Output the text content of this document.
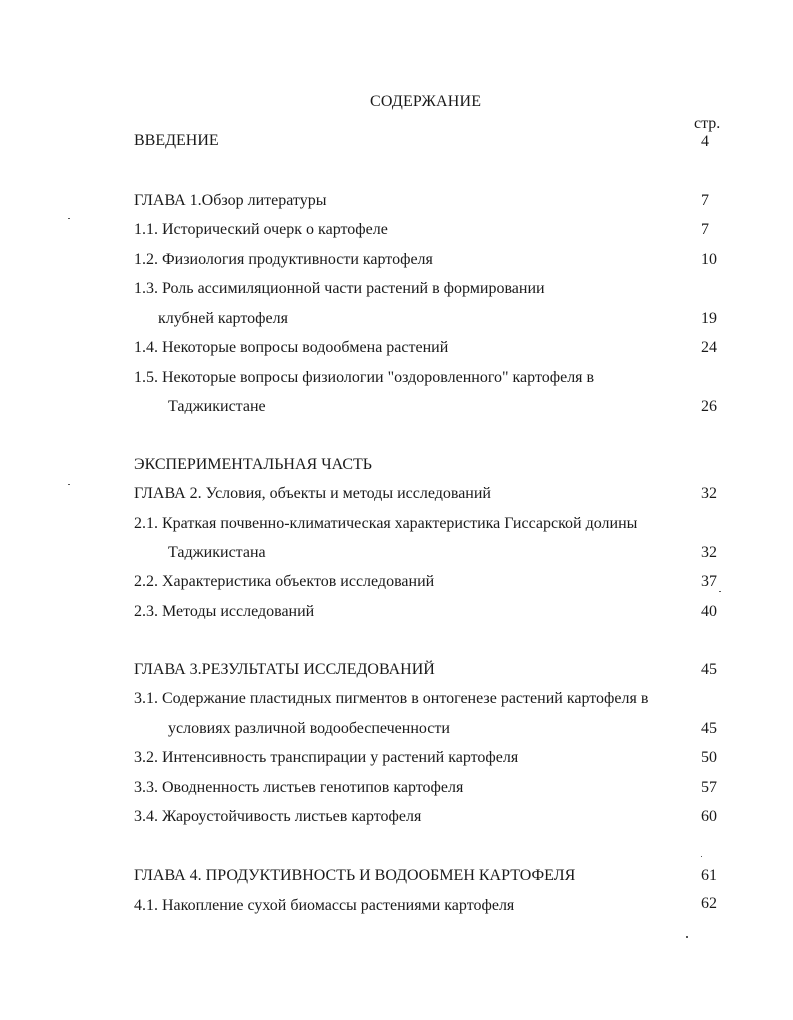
СОДЕРЖАНИЕ
стр.
ВВЕДЕНИЕ	4
ГЛАВА 1.Обзор литературы	7
1.1. Исторический очерк о картофеле	7
1.2. Физиология продуктивности картофеля	10
1.3. Роль ассимиляционной части растений в формировании
клубней картофеля	19
1.4. Некоторые вопросы водообмена растений	24
1.5. Некоторые вопросы физиологии "оздоровленного" картофеля в
Таджикистане	26
ЭКСПЕРИМЕНТАЛЬНАЯ ЧАСТЬ
ГЛАВА 2. Условия, объекты и методы исследований	32
2.1. Краткая почвенно-климатическая характеристика Гиссарской долины
Таджикистана	32
2.2. Характеристика объектов исследований	37
2.3. Методы исследований	40
ГЛАВА 3.РЕЗУЛЬТАТЫ ИССЛЕДОВАНИЙ	45
3.1. Содержание пластидных пигментов в онтогенезе растений картофеля в
условиях различной водообеспеченности	45
3.2. Интенсивность транспирации у растений картофеля	50
3.3. Оводненность листьев генотипов картофеля	57
3.4. Жароустойчивость листьев картофеля	60
ГЛАВА 4. ПРОДУКТИВНОСТЬ И ВОДООБМЕН КАРТОФЕЛЯ	61
4.1. Накопление сухой биомассы растениями картофеля	62
